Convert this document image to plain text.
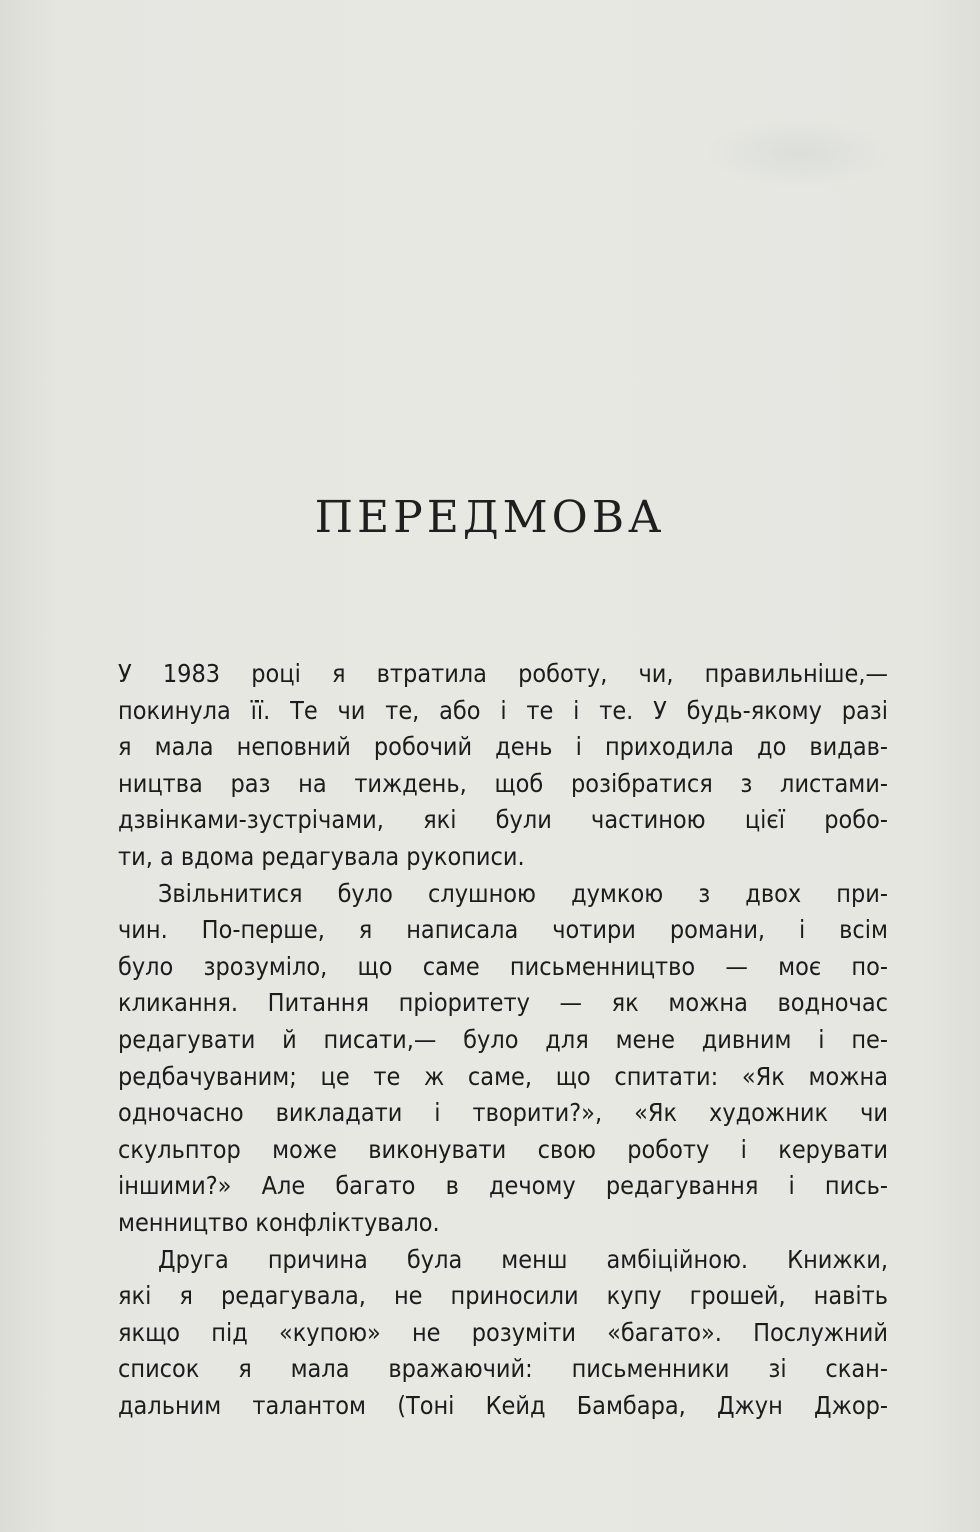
ПЕРЕДМОВА
У 1983 році я втратила роботу, чи, правильніше,—
покинула її. Те чи те, або і те і те. У будь-якому разі
я мала неповний робочий день і приходила до видав-
ництва раз на тиждень, щоб розібратися з листами-
дзвінками-зустрічами, які були частиною цієї робо-
ти, а вдома редагувала рукописи.
Звільнитися було слушною думкою з двох при-
чин. По-перше, я написала чотири романи, і всім
було зрозуміло, що саме письменництво — моє по-
кликання. Питання пріоритету — як можна водночас
редагувати й писати,— було для мене дивним і пе-
редбачуваним; це те ж саме, що спитати: «Як можна
одночасно викладати і творити?», «Як художник чи
скульптор може виконувати свою роботу і керувати
іншими?» Але багато в дечому редагування і пись-
менництво конфліктувало.
Друга причина була менш амбіційною. Книжки,
які я редагувала, не приносили купу грошей, навіть
якщо під «купою» не розуміти «багато». Послужний
список я мала вражаючий: письменники зі скан-
дальним талантом (Тоні Кейд Бамбара, Джун Джор-
